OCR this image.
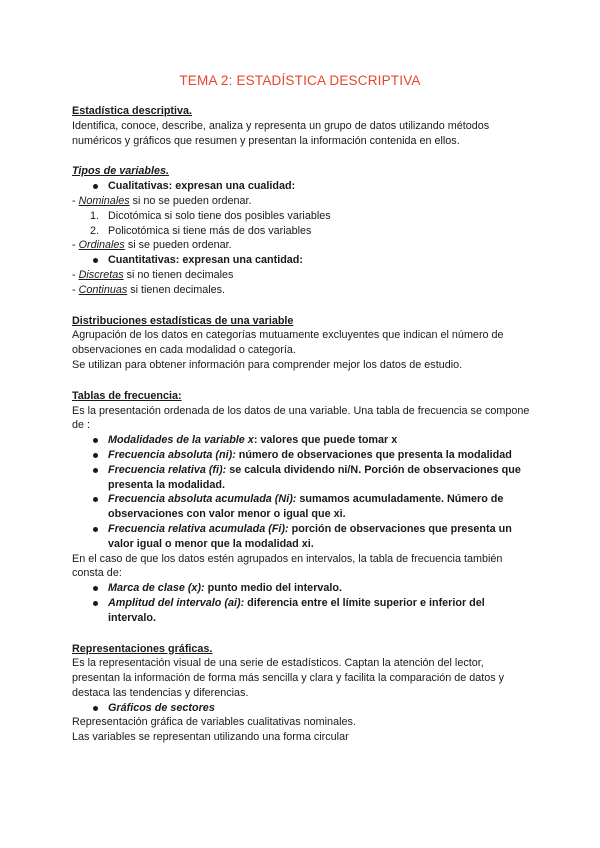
TEMA 2: ESTADÍSTICA DESCRIPTIVA

Estadística descriptiva.

Identifica, conoce, describe, analiza y representa un grupo de datos utilizando métodos numéricos y gráficos que resumen y presentan la información contenida en ellos.

Tipos de variables.

Cualitativas: expresan una cualidad:

- Nominales si no se pueden ordenar.

1. Dicotómica si solo tiene dos posibles variables
2. Policotómica si tiene más de dos variables

- Ordinales si se pueden ordenar.

Cuantitativas: expresan una cantidad:

- Discretas si no tienen decimales

- Continuas si tienen decimales.

Distribuciones estadísticas de una variable

Agrupación de los datos en categorías mutuamente excluyentes que indican el número de observaciones en cada modalidad o categoría.

Se utilizan para obtener información para comprender mejor los datos de estudio.

Tablas de frecuencia:

Es la presentación ordenada de los datos de una variable. Una tabla de frecuencia se compone de :

Modalidades de la variable x: valores que puede tomar x
Frecuencia absoluta (ni): número de observaciones que presenta la modalidad
Frecuencia relativa (fi): se calcula dividendo ni/N. Porción de observaciones que presenta la modalidad.
Frecuencia absoluta acumulada (Ni): sumamos acumuladamente. Número de observaciones con valor menor o igual que xi.
Frecuencia relativa acumulada (Fi): porción de observaciones que presenta un valor igual o menor que la modalidad xi.

En el caso de que los datos estén agrupados en intervalos, la tabla de frecuencia también consta de:

Marca de clase (x): punto medio del intervalo.
Amplitud del intervalo (ai): diferencia entre el límite superior e inferior del intervalo.

Representaciones gráficas.

Es la representación visual de una serie de estadísticos. Captan la atención del lector, presentan la información de forma más sencilla y clara y facilita la comparación de datos y destaca las tendencias y diferencias.

Gráficos de sectores

Representación gráfica de variables cualitativas nominales.

Las variables se representan utilizando una forma circular
